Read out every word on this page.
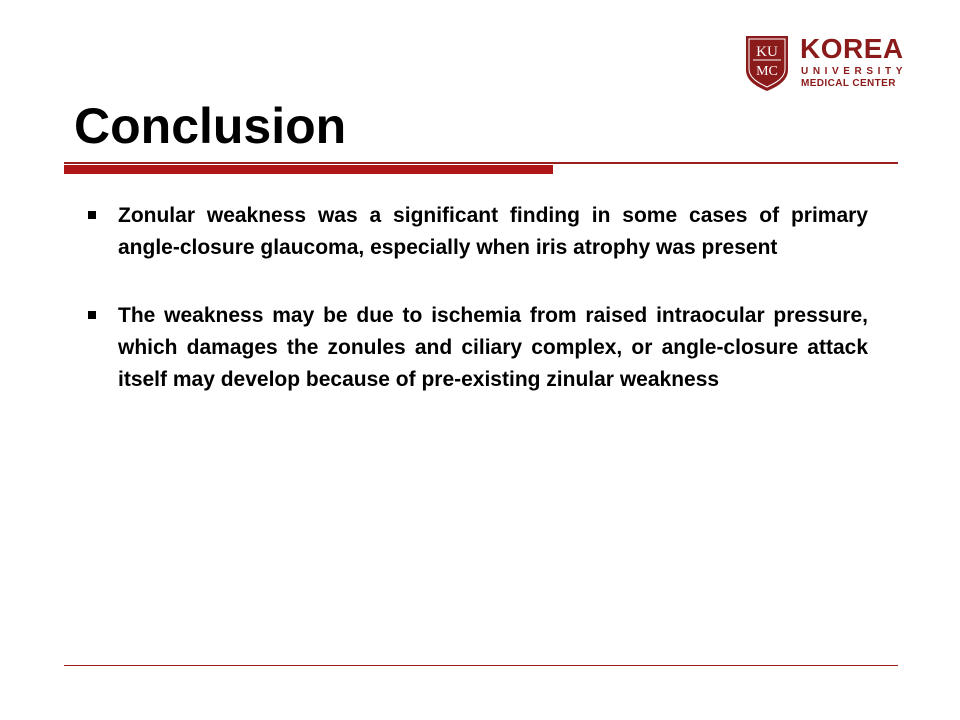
KU
MC
KOREA
UNIVERSITY
MEDICAL CENTER
Conclusion
Zonular weakness was a significant finding in some cases of primary angle-closure glaucoma, especially when iris atrophy was present
The weakness may be due to ischemia from raised intraocular pressure, which damages the zonules and ciliary complex, or angle-closure attack itself may develop because of pre-existing zinular weakness
